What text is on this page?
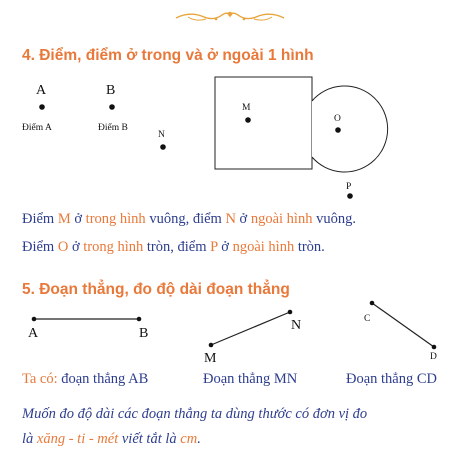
4. Điểm, điểm ở trong và ở ngoài 1 hình
A	B
Điểm A	Điểm B
N
M
O
P
Điểm M ở trong hình vuông, điểm N ở ngoài hình vuông.
Điểm O ở trong hình tròn, điểm P ở ngoài hình tròn.
5. Đoạn thẳng, đo độ dài đoạn thẳng
A	B
N
M
C
D
Ta có: đoạn thẳng AB	Đoạn thẳng MN	Đoạn thẳng CD
Muốn đo độ dài các đoạn thẳng ta dùng thước có đơn vị đo
là xăng - ti - mét viết tắt là cm.
